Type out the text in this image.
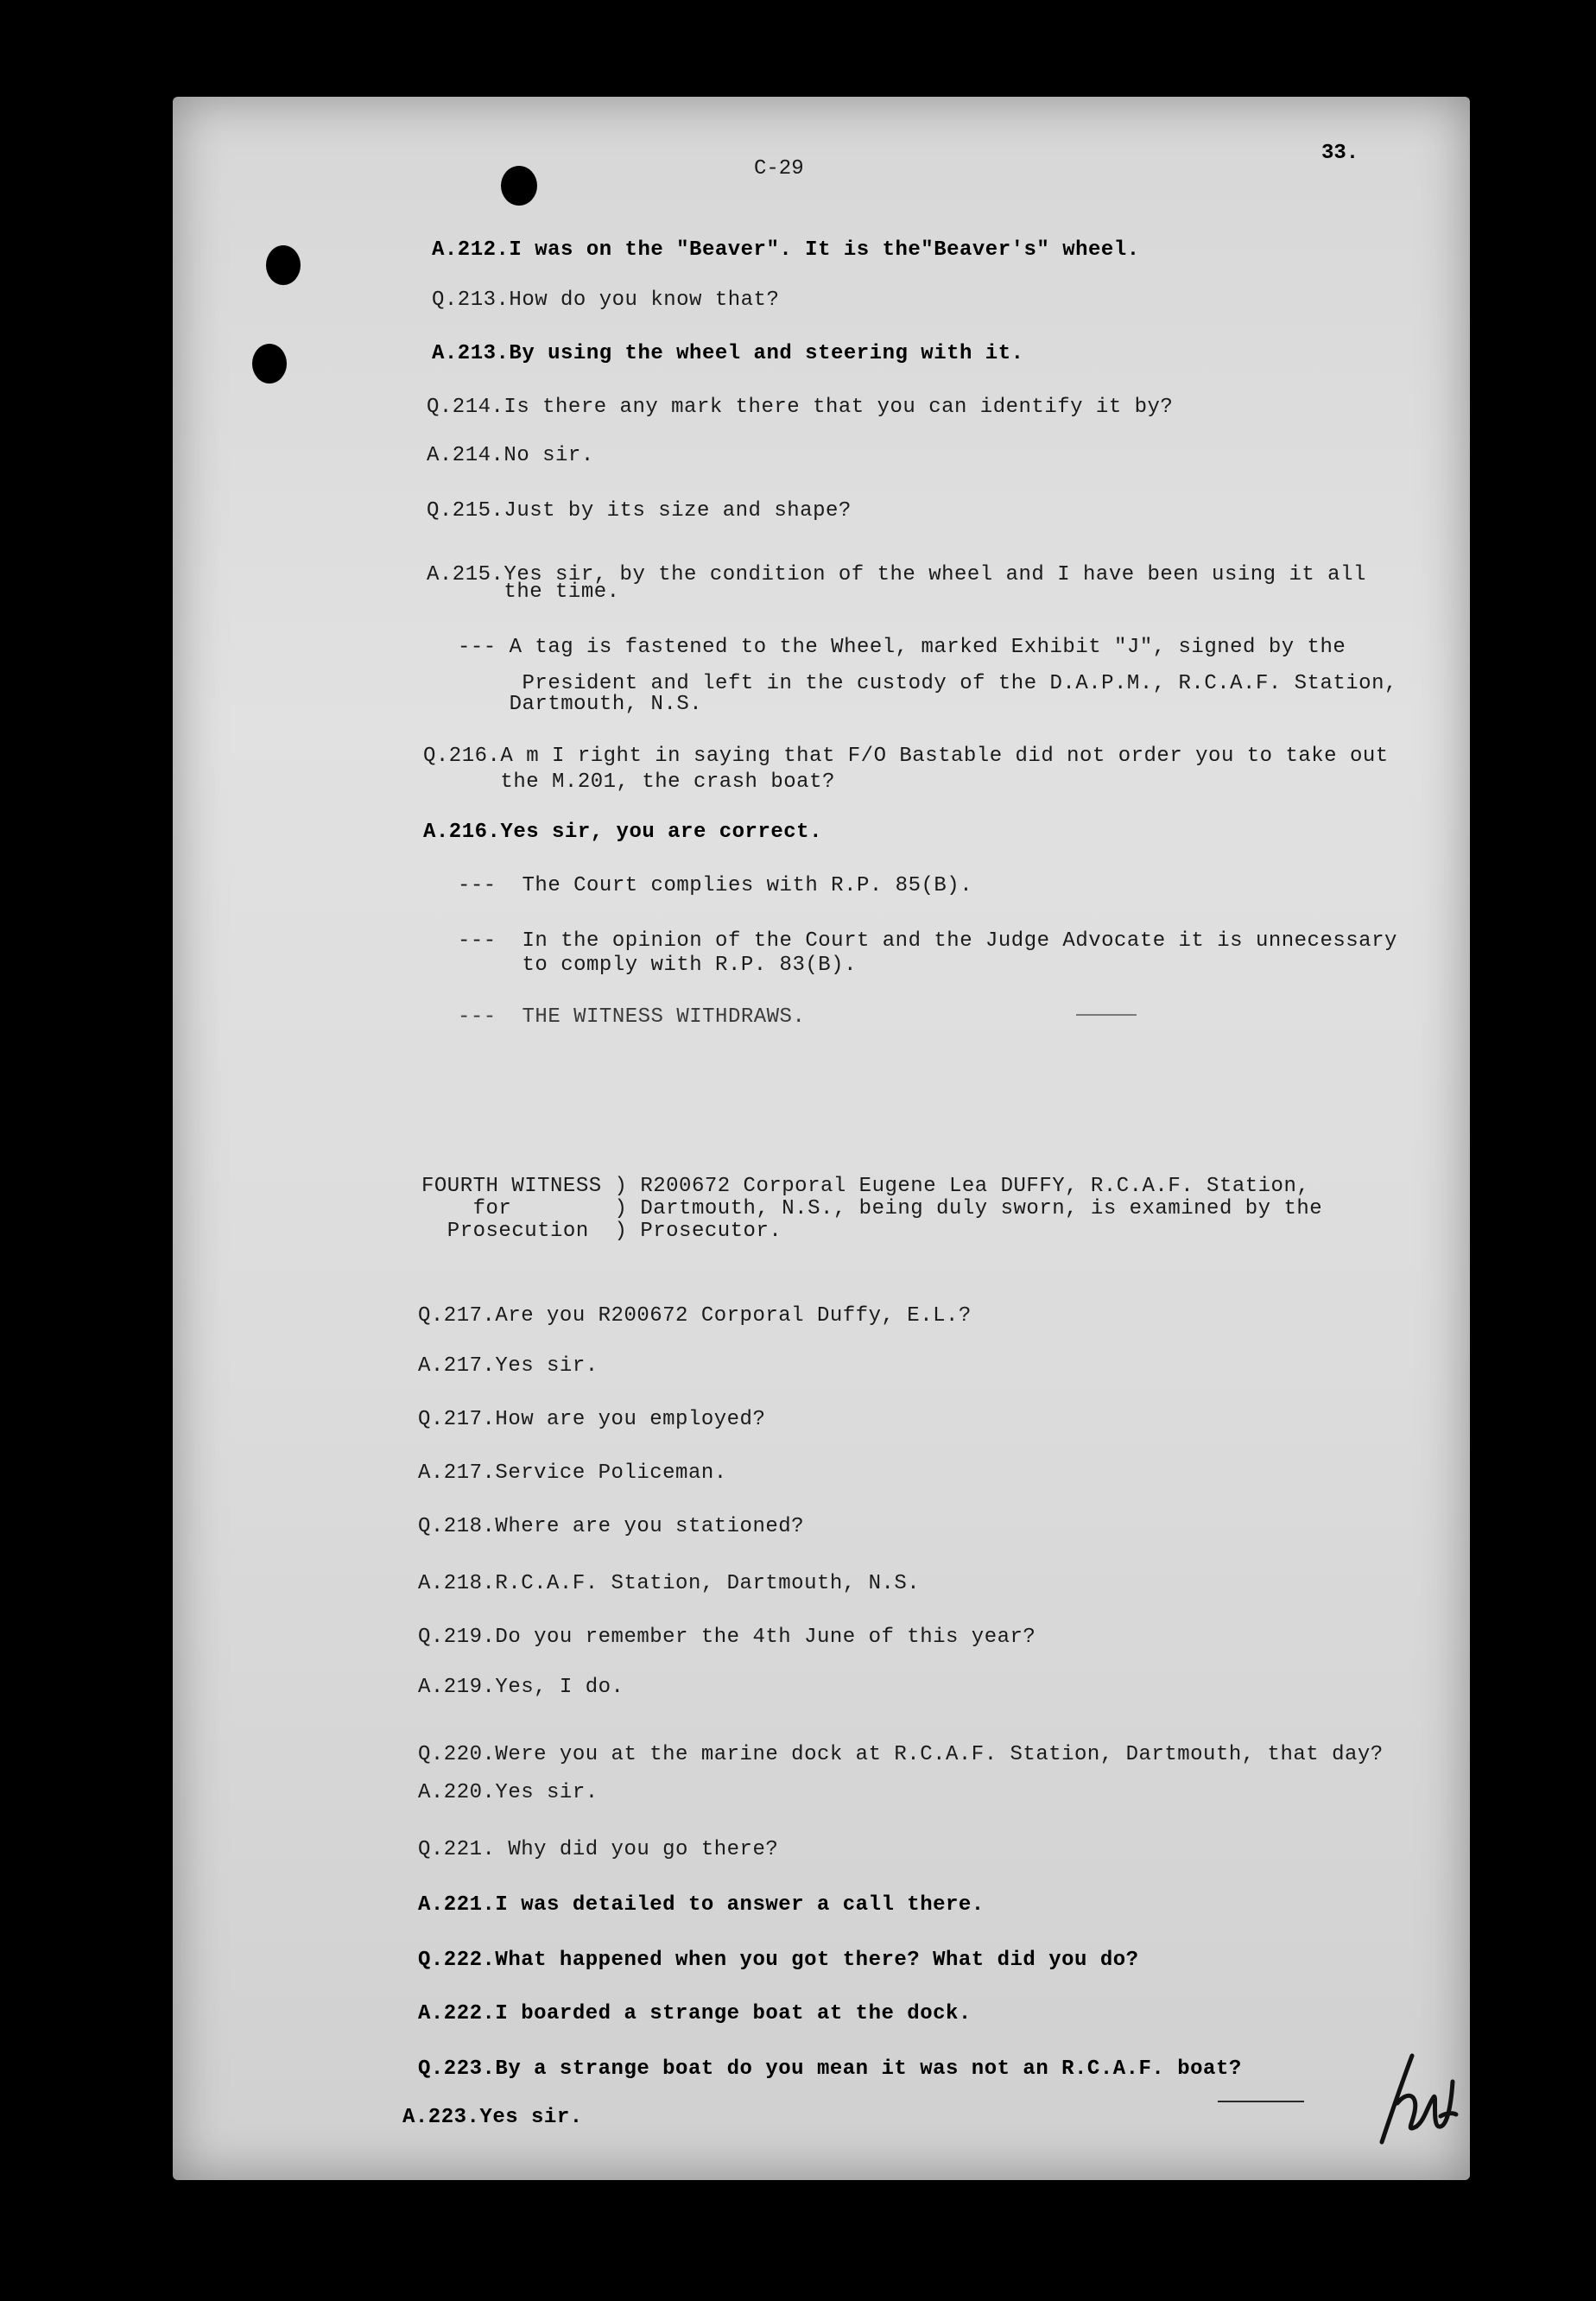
C-29
33.
A.212.I was on the "Beaver". It is the"Beaver's" wheel.
Q.213.How do you know that?
A.213.By using the wheel and steering with it.
Q.214.Is there any mark there that you can identify it by?
A.214.No sir.
Q.215.Just by its size and shape?
A.215.Yes sir, by the condition of the wheel and I have been using it all
the time.
--- A tag is fastened to the Wheel, marked Exhibit "J", signed by the
President and left in the custody of the D.A.P.M., R.C.A.F. Station,
Dartmouth, N.S.
Q.216.A m I right in saying that F/O Bastable did not order you to take out
the M.201, the crash boat?
A.216.Yes sir, you are correct.
---  The Court complies with R.P. 85(B).
---  In the opinion of the Court and the Judge Advocate it is unnecessary
to comply with R.P. 83(B).
---  THE WITNESS WITHDRAWS.
FOURTH WITNESS ) R200672 Corporal Eugene Lea DUFFY, R.C.A.F. Station,
for        ) Dartmouth, N.S., being duly sworn, is examined by the
Prosecution  ) Prosecutor.
Q.217.Are you R200672 Corporal Duffy, E.L.?
A.217.Yes sir.
Q.217.How are you employed?
A.217.Service Policeman.
Q.218.Where are you stationed?
A.218.R.C.A.F. Station, Dartmouth, N.S.
Q.219.Do you remember the 4th June of this year?
A.219.Yes, I do.
Q.220.Were you at the marine dock at R.C.A.F. Station, Dartmouth, that day?
A.220.Yes sir.
Q.221. Why did you go there?
A.221.I was detailed to answer a call there.
Q.222.What happened when you got there? What did you do?
A.222.I boarded a strange boat at the dock.
Q.223.By a strange boat do you mean it was not an R.C.A.F. boat?
A.223.Yes sir.
